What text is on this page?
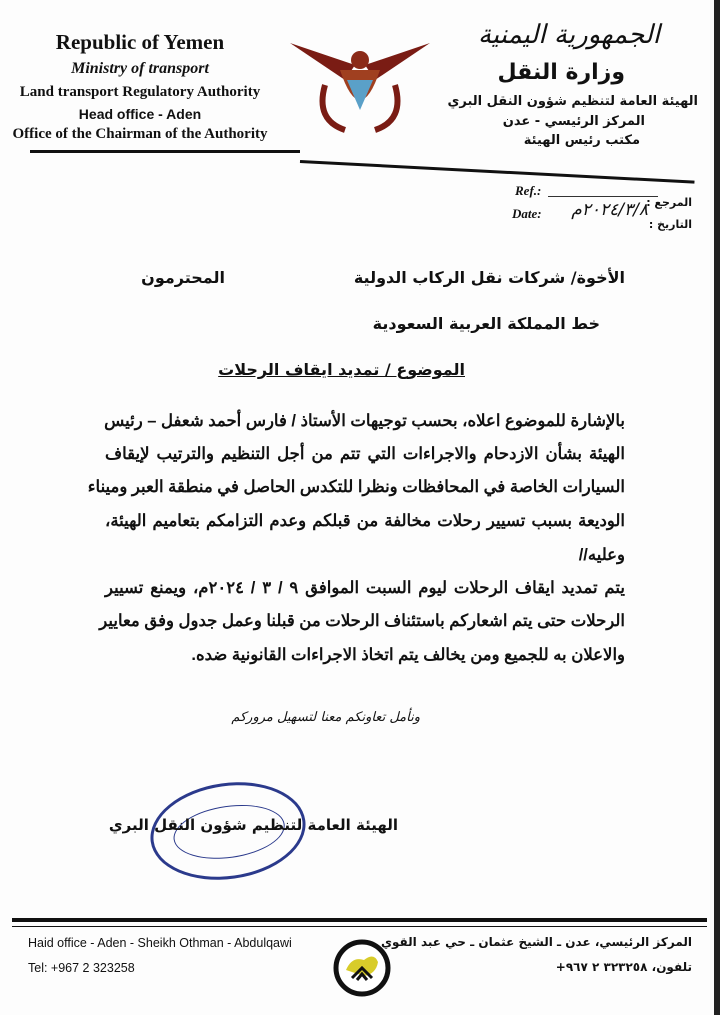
Republic of Yemen
Ministry of transport
Land transport Regulatory Authority
Head office - Aden
Office of the Chairman of the Authority
الجمهورية اليمنية
وزارة النقل
الهيئة العامة لتنظيم شؤون النقل البري
المركز الرئيسي - عدن
مكتب رئيس الهيئة
Ref.:
المرجع :
Date: ٢٠٢٤/٣/٨م
التاريخ :
الأخوة/ شركات نقل الركاب الدولية
المحترمون
خط المملكة العربية السعودية
الموضوع / تمديد ايقاف الرحلات
بالإشارة للموضوع اعلاه، بحسب توجيهات الأستاذ / فارس أحمد شعفل – رئيس
الهيئة بشأن الازدحام والاجراءات التي تتم من أجل التنظيم والترتيب لإيقاف
السيارات الخاصة في المحافظات ونظرا للتكدس الحاصل في منطقة العبر وميناء
الوديعة بسبب تسيير رحلات مخالفة من قبلكم وعدم التزامكم بتعاميم الهيئة،
وعليه//
يتم تمديد ايقاف الرحلات ليوم السبت الموافق ٩ / ٣ / ٢٠٢٤م، ويمنع تسيير
الرحلات حتى يتم اشعاركم باستئناف الرحلات من قبلنا وعمل جدول وفق معايير
والاعلان به للجميع ومن يخالف يتم اتخاذ الاجراءات القانونية ضده.
ونأمل تعاونكم معنا لتسهيل مروركم
الهيئة العامة لتنظيم شؤون النقل البري
Haid office - Aden - Sheikh Othman - Abdulqawi
Tel: +967 2 323258
المركز الرئيسي، عدن ـ الشيخ عثمان ـ حي عبد القوي
تلفون، ٣٢٣٢٥٨ ٢ ٩٦٧+
